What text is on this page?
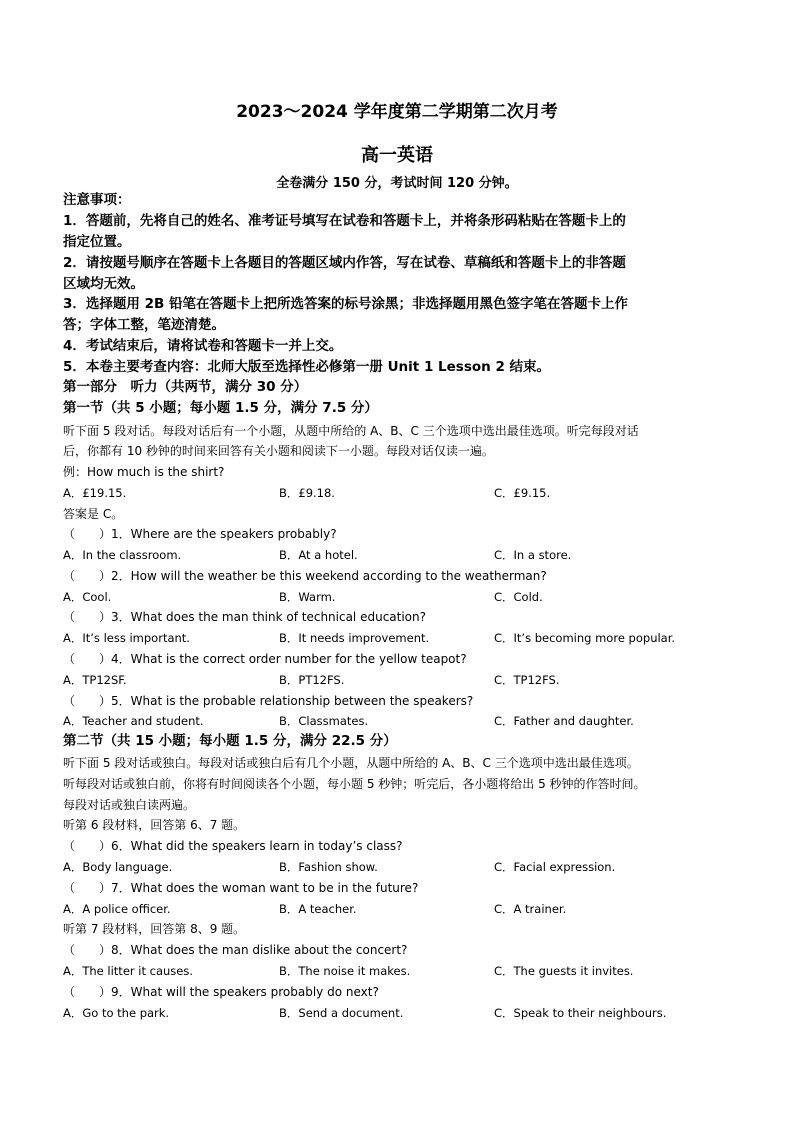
2023～2024 学年度第二学期第二次月考
高一英语
全卷满分 150 分，考试时间 120 分钟。
注意事项：
1．答题前，先将自己的姓名、准考证号填写在试卷和答题卡上，并将条形码粘贴在答题卡上的
指定位置。
2．请按题号顺序在答题卡上各题目的答题区域内作答，写在试卷、草稿纸和答题卡上的非答题
区域均无效。
3．选择题用 2B 铅笔在答题卡上把所选答案的标号涂黑；非选择题用黑色签字笔在答题卡上作
答；字体工整，笔迹清楚。
4．考试结束后，请将试卷和答题卡一并上交。
5．本卷主要考查内容：北师大版至选择性必修第一册 Unit 1 Lesson 2 结束。
第一部分　听力（共两节，满分 30 分）
第一节（共 5 小题；每小题 1.5 分，满分 7.5 分）
听下面 5 段对话。每段对话后有一个小题，从题中所给的 A、B、C 三个选项中选出最佳选项。听完每段对话
后，你都有 10 秒钟的时间来回答有关小题和阅读下一小题。每段对话仅读一遍。
例：How much is the shirt?
A．£19.15.	B．£9.18.	C．£9.15.
答案是 C。
（　　）1．Where are the speakers probably?
A．In the classroom.	B．At a hotel.	C．In a store.
（　　）2．How will the weather be this weekend according to the weatherman?
A．Cool.	B．Warm.	C．Cold.
（　　）3．What does the man think of technical education?
A．It’s less important.	B．It needs improvement.	C．It’s becoming more popular.
（　　）4．What is the correct order number for the yellow teapot?
A．TP12SF.	B．PT12FS.	C．TP12FS.
（　　）5．What is the probable relationship between the speakers?
A．Teacher and student.	B．Classmates.	C．Father and daughter.
第二节（共 15 小题；每小题 1.5 分，满分 22.5 分）
听下面 5 段对话或独白。每段对话或独白后有几个小题，从题中所给的 A、B、C 三个选项中选出最佳选项。
听每段对话或独白前，你将有时间阅读各个小题，每小题 5 秒钟；听完后，各小题将给出 5 秒钟的作答时间。
每段对话或独白读两遍。
听第 6 段材料，回答第 6、7 题。
（　　）6．What did the speakers learn in today’s class?
A．Body language.	B．Fashion show.	C．Facial expression.
（　　）7．What does the woman want to be in the future?
A．A police officer.	B．A teacher.	C．A trainer.
听第 7 段材料，回答第 8、9 题。
（　　）8．What does the man dislike about the concert?
A．The litter it causes.	B．The noise it makes.	C．The guests it invites.
（　　）9．What will the speakers probably do next?
A．Go to the park.	B．Send a document.	C．Speak to their neighbours.
